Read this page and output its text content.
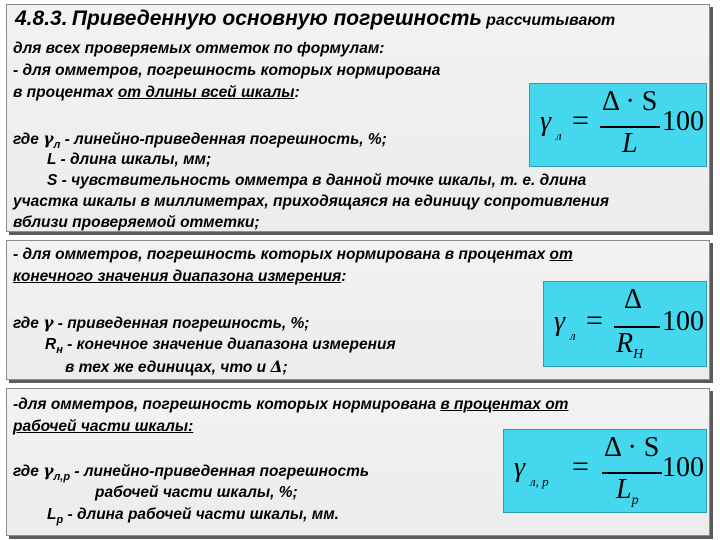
4.8.3. Приведенную основную погрешность рассчитывают
для всех проверяемых отметок по формулам:
- для омметров, погрешность которых нормирована
в процентах от длины всей шкалы:
где $\gamma_л$ - линейно-приведенная погрешность, %;
L - длина шкалы, мм;
S - чувствительность омметра в данной точке шкалы, т. е. длина
участка шкалы в миллиметрах, приходящаяся на единицу сопротивления
вблизи проверяемой отметки;
γ л =
Δ · S
L
100
- для омметров, погрешность которых нормирована в процентах от
конечного значения диапазона измерения:
где γ - приведенная погрешность, %;
$R_н$ - конечное значение диапазона измерения
в тех же единицах, что и Δ;
γ л =
Δ
$R_H$
100
-для омметров, погрешность которых нормирована в процентах от
рабочей части шкалы:
где $\gamma_{л,р}$ - линейно-приведенная погрешность
рабочей части шкалы, %;
$L_р$ - длина рабочей части шкалы, мм.
γ л, р =
Δ · S
$L_p$
100
